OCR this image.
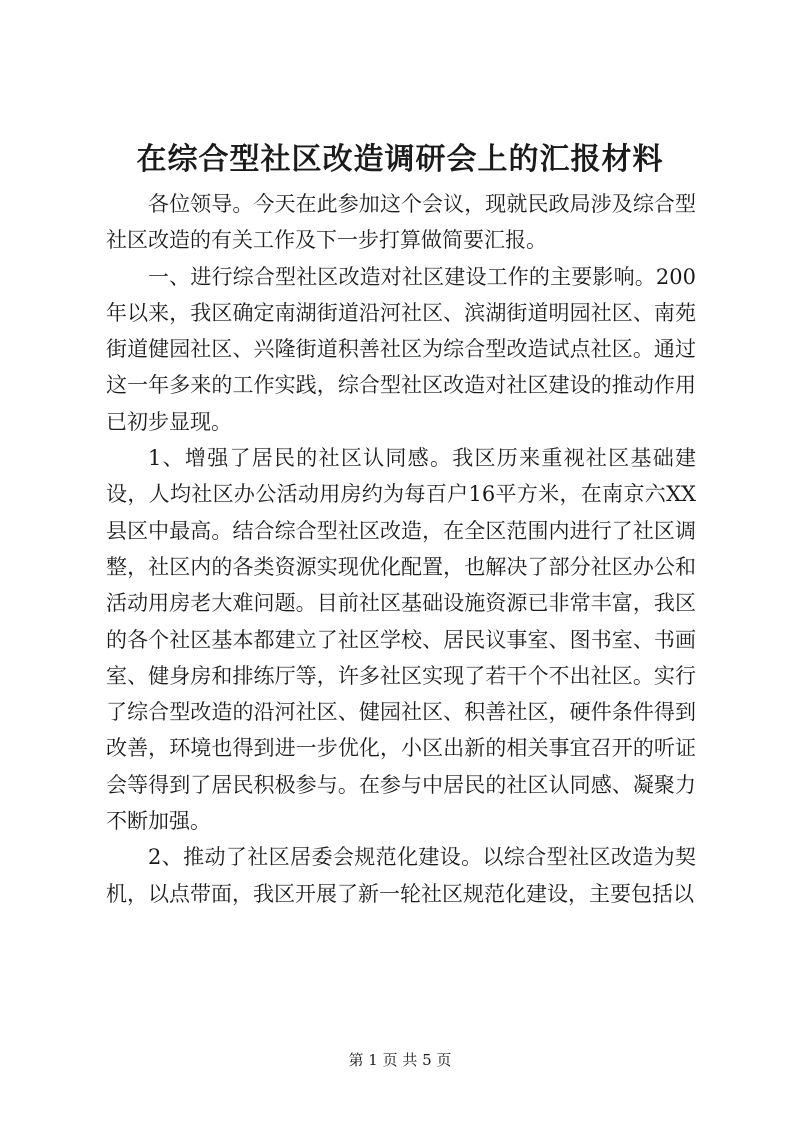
在综合型社区改造调研会上的汇报材料

各位领导。今天在此参加这个会议，现就民政局涉及综合型社区改造的有关工作及下一步打算做简要汇报。

一、进行综合型社区改造对社区建设工作的主要影响。200年以来，我区确定南湖街道沿河社区、滨湖街道明园社区、南苑街道健园社区、兴隆街道积善社区为综合型改造试点社区。通过这一年多来的工作实践，综合型社区改造对社区建设的推动作用已初步显现。

1、增强了居民的社区认同感。我区历来重视社区基础建设，人均社区办公活动用房约为每百户16平方米，在南京六XX县区中最高。结合综合型社区改造，在全区范围内进行了社区调整，社区内的各类资源实现优化配置，也解决了部分社区办公和活动用房老大难问题。目前社区基础设施资源已非常丰富，我区的各个社区基本都建立了社区学校、居民议事室、图书室、书画室、健身房和排练厅等，许多社区实现了若干个不出社区。实行了综合型改造的沿河社区、健园社区、积善社区，硬件条件得到改善，环境也得到进一步优化，小区出新的相关事宜召开的听证会等得到了居民积极参与。在参与中居民的社区认同感、凝聚力不断加强。

2、推动了社区居委会规范化建设。以综合型社区改造为契机，以点带面，我区开展了新一轮社区规范化建设，主要包括以

第 1 页 共 5 页
